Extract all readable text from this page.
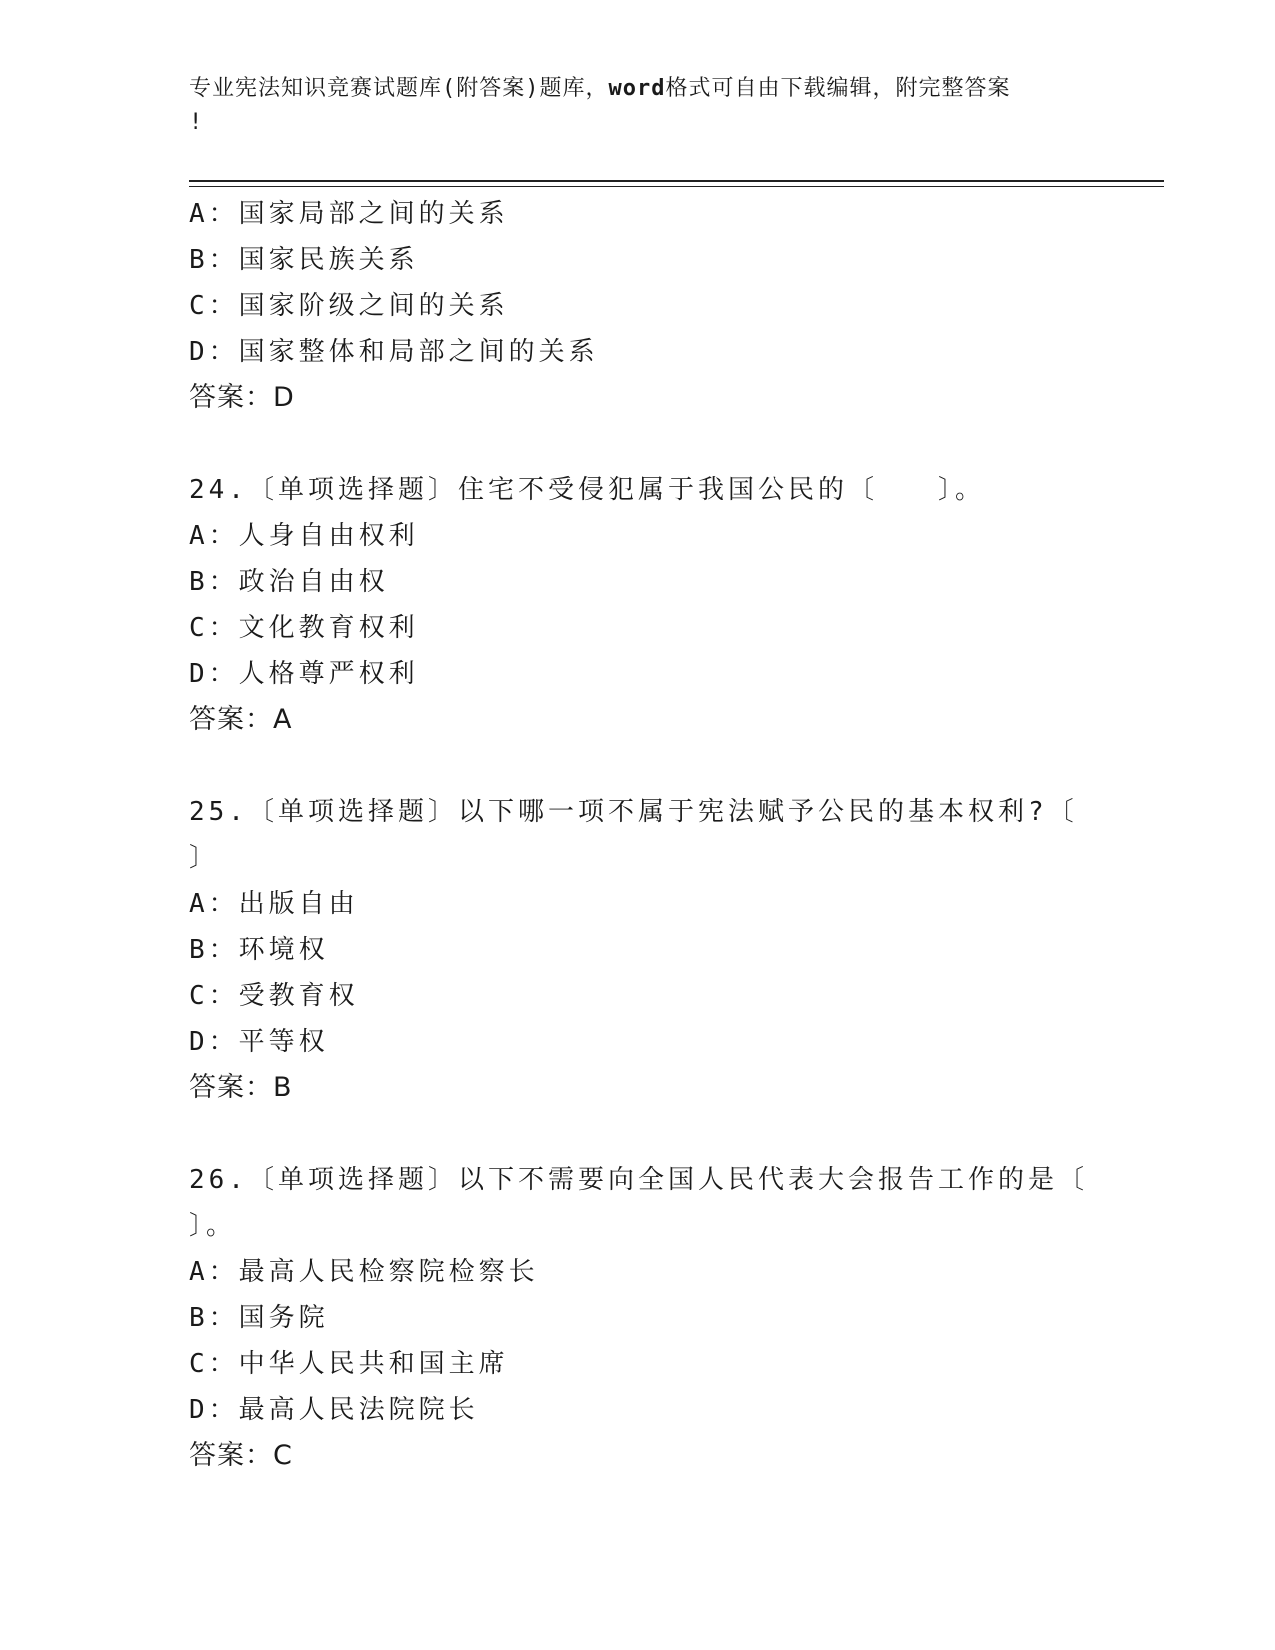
专业宪法知识竞赛试题库(附答案)题库，word格式可自由下载编辑，附完整答案
!
A：国家局部之间的关系
B：国家民族关系
C：国家阶级之间的关系
D：国家整体和局部之间的关系
答案：D
24.〔单项选择题〕住宅不受侵犯属于我国公民的〔　　〕。
A：人身自由权利
B：政治自由权
C：文化教育权利
D：人格尊严权利
答案：A
25.〔单项选择题〕以下哪一项不属于宪法赋予公民的基本权利?〔
〕
A：出版自由
B：环境权
C：受教育权
D：平等权
答案：B
26.〔单项选择题〕以下不需要向全国人民代表大会报告工作的是〔
〕。
A：最高人民检察院检察长
B：国务院
C：中华人民共和国主席
D：最高人民法院院长
答案：C
